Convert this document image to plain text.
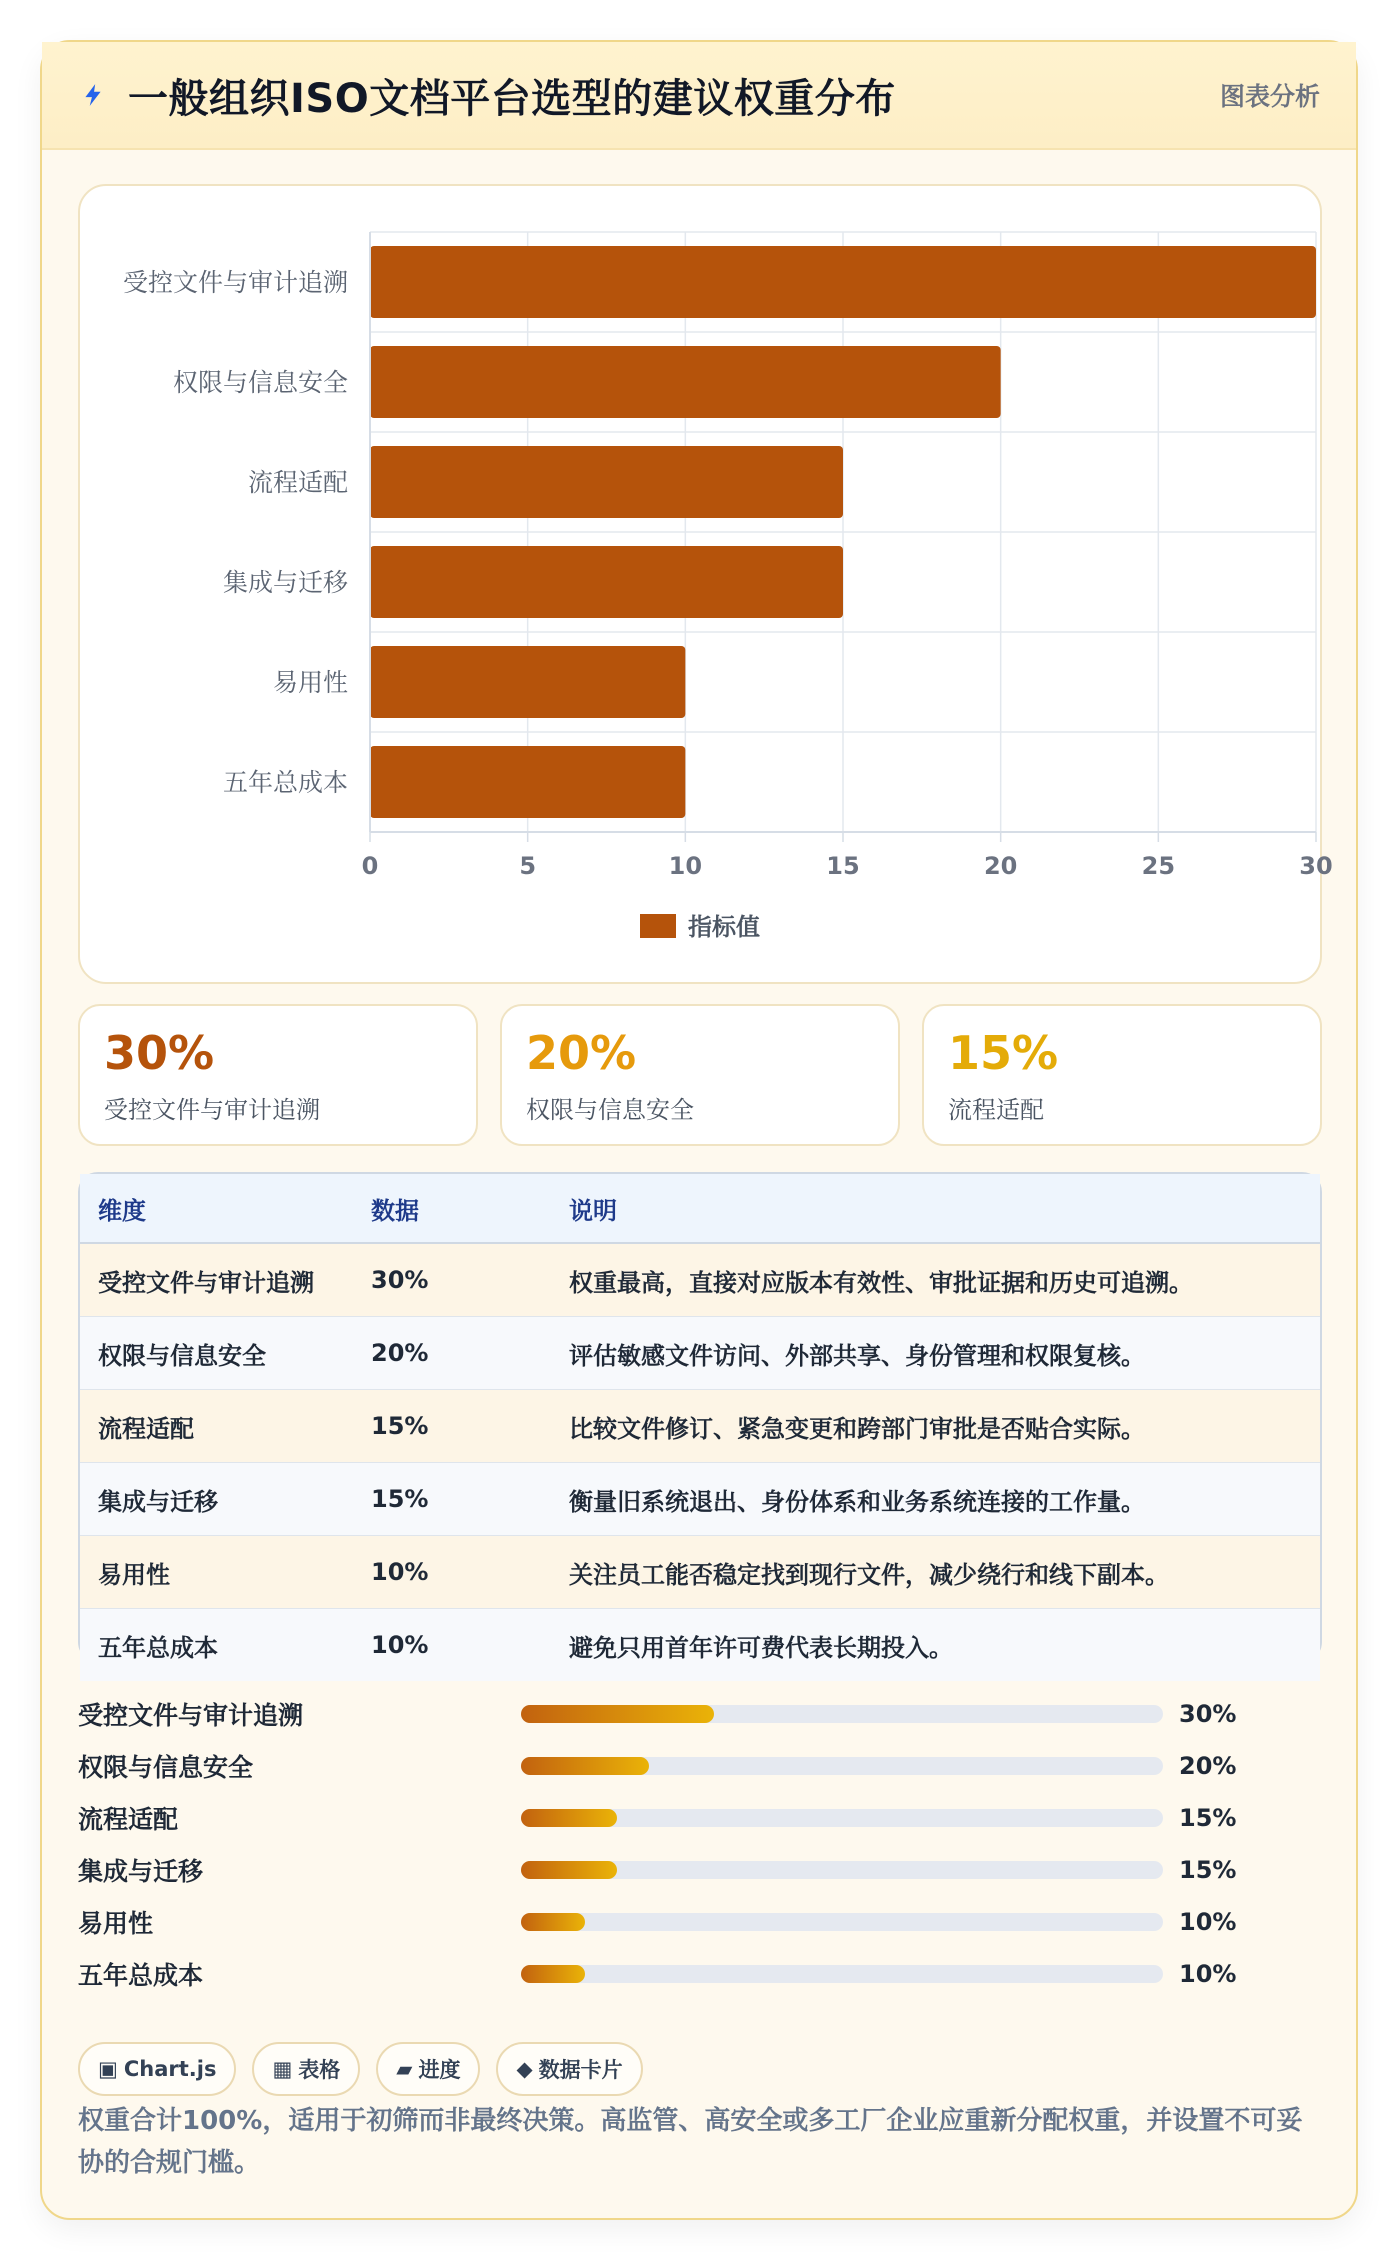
一般组织ISO文档平台选型的建议权重分布	图表分析
0	5	10	15	20	25	30
受控文件与审计追溯
权限与信息安全
流程适配
集成与迁移
易用性
五年总成本
指标值
30%
受控文件与审计追溯
20%
权限与信息安全
15%
流程适配
维度	数据	说明
受控文件与审计追溯	30%	权重最高，直接对应版本有效性、审批证据和历史可追溯。
权限与信息安全	20%	评估敏感文件访问、外部共享、身份管理和权限复核。
流程适配	15%	比较文件修订、紧急变更和跨部门审批是否贴合实际。
集成与迁移	15%	衡量旧系统退出、身份体系和业务系统连接的工作量。
易用性	10%	关注员工能否稳定找到现行文件，减少绕行和线下副本。
五年总成本	10%	避免只用首年许可费代表长期投入。
受控文件与审计追溯	30%
权限与信息安全	20%
流程适配	15%
集成与迁移	15%
易用性	10%
五年总成本	10%
▣ Chart.js	▦ 表格	▰ 进度	◆ 数据卡片
权重合计100%，适用于初筛而非最终决策。高监管、高安全或多工厂企业应重新分配权重，并设置不可妥协的合规门槛。
